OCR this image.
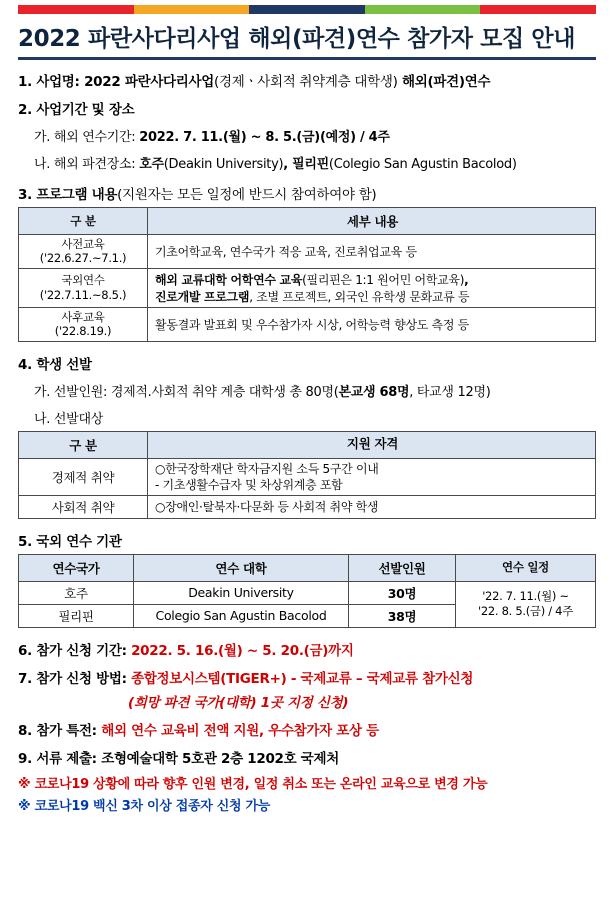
2022 파란사다리사업 해외(파견)연수 참가자 모집 안내
1. 사업명: 2022 파란사다리사업(경제ㆍ사회적 취약계층 대학생) 해외(파견)연수
2. 사업기간 및 장소
가. 해외 연수기간: 2022. 7. 11.(월) ~ 8. 5.(금)(예정) / 4주
나. 해외 파견장소: 호주(Deakin University), 필리핀(Colegio San Agustin Bacolod)
3. 프로그램 내용(지원자는 모든 일정에 반드시 참여하여야 함)
구 분	세부 내용
사전교육
('22.6.27.~7.1.)	기초어학교육, 연수국가 적응 교육, 진로취업교육 등
국외연수
('22.7.11.~8.5.)	해외 교류대학 어학연수 교육(필리핀은 1:1 원어민 어학교육),
진로개발 프로그램, 조별 프로젝트, 외국인 유학생 문화교류 등
사후교육
('22.8.19.)	활동결과 발표회 및 우수참가자 시상, 어학능력 향상도 측정 등
4. 학생 선발
가. 선발인원: 경제적.사회적 취약 계층 대학생 총 80명(본교생 68명, 타교생 12명)
나. 선발대상
구 분	지원 자격
경제적 취약	○한국장학재단 학자금지원 소득 5구간 이내
- 기초생활수급자 및 차상위계층 포함
사회적 취약	○장애인·탈북자·다문화 등 사회적 취약 학생
5. 국외 연수 기관
연수국가	연수 대학	선발인원	연수 일정
호주	Deakin University	30명	'22. 7. 11.(월) ~
'22. 8. 5.(금) / 4주
필리핀	Colegio San Agustin Bacolod	38명	
6. 참가 신청 기간: 2022. 5. 16.(월) ~ 5. 20.(금)까지
7. 참가 신청 방법: 종합정보시스템(TIGER+) - 국제교류 – 국제교류 참가신청
(희망 파견 국가(대학) 1곳 지정 신청)
8. 참가 특전: 해외 연수 교육비 전액 지원, 우수참가자 포상 등
9. 서류 제출: 조형예술대학 5호관 2층 1202호 국제처
※ 코로나19 상황에 따라 향후 인원 변경, 일정 취소 또는 온라인 교육으로 변경 가능
※ 코로나19 백신 3차 이상 접종자 신청 가능
